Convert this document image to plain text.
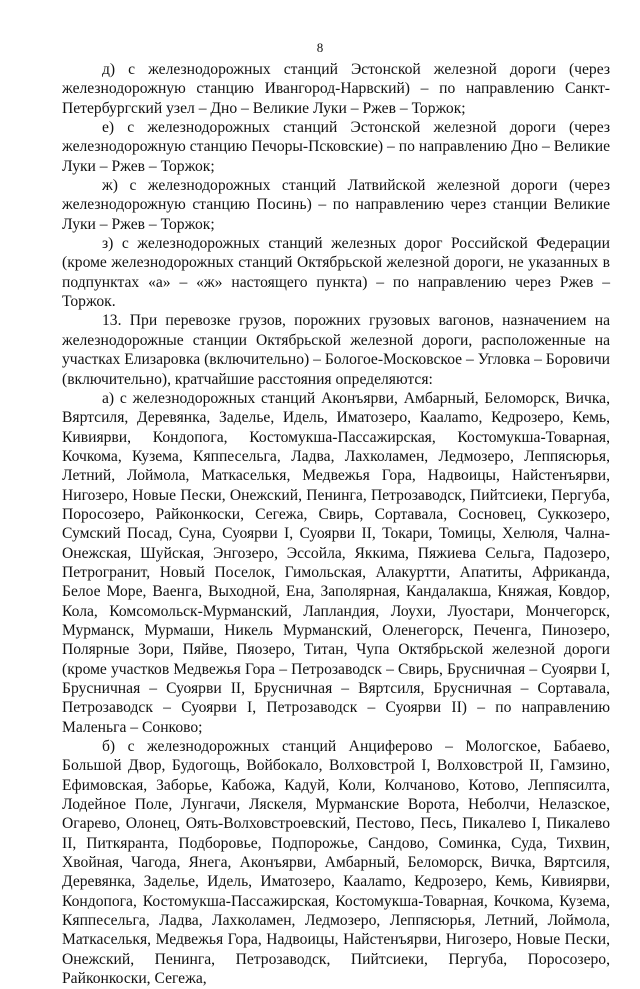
8

д) с железнодорожных станций Эстонской железной дороги (через железнодорожную станцию Ивангород-Нарвский) – по направлению Санкт-Петербургский узел – Дно – Великие Луки – Ржев – Торжок;

е) с железнодорожных станций Эстонской железной дороги (через железнодорожную станцию Печоры-Псковские) – по направлению Дно – Великие Луки – Ржев – Торжок;

ж) с железнодорожных станций Латвийской железной дороги (через железнодорожную станцию Посинь) – по направлению через станции Великие Луки – Ржев – Торжок;

з) с железнодорожных станций железных дорог Российской Федерации (кроме железнодорожных станций Октябрьской железной дороги, не указанных в подпунктах «а» – «ж» настоящего пункта) – по направлению через Ржев – Торжок.

13. При перевозке грузов, порожних грузовых вагонов, назначением на железнодорожные станции Октябрьской железной дороги, расположенные на участках Елизаровка (включительно) – Бологое-Московское – Угловка – Боровичи (включительно), кратчайшие расстояния определяются:

а) с железнодорожных станций Аконъярви, Амбарный, Беломорск, Вичка, Вяртсиля, Деревянка, Заделье, Идель, Иматозеро, Каалamo, Кедрозеро, Кемь, Кивиярви, Кондопога, Костомукша-Пассажирская, Костомукша-Товарная, Кочкома, Кузема, Кяппесельга, Ладва, Лахколамен, Ледмозеро, Леппясюрья, Летний, Лоймола, Маткаселькя, Медвежья Гора, Надвоицы, Найстенъярви, Нигозеро, Новые Пески, Онежский, Пенинга, Петрозаводск, Пийтсиеки, Пергуба, Поросозеро, Райконкоски, Сегежа, Свирь, Сортавала, Сосновец, Суккозеро, Сумский Посад, Суна, Суоярви I, Суоярви II, Токари, Томицы, Хелюля, Чална-Онежская, Шуйская, Энгозеро, Эссойла, Яккима, Пяжиева Сельга, Падозеро, Петрогранит, Новый Поселок, Гимольская, Алакуртти, Апатиты, Африканда, Белое Море, Ваенга, Выходной, Ена, Заполярная, Кандалакша, Княжая, Ковдор, Кола, Комсомольск-Мурманский, Лапландия, Лоухи, Луостари, Мончегорск, Мурманск, Мурмаши, Никель Мурманский, Оленегорск, Печенга, Пинозеро, Полярные Зори, Пяйве, Пяозеро, Титан, Чупа Октябрьской железной дороги (кроме участков Медвежья Гора – Петрозаводск – Свирь, Брусничная – Суоярви I, Брусничная – Суоярви II, Брусничная – Вяртсиля, Брусничная – Сортавала, Петрозаводск – Суоярви I, Петрозаводск – Суоярви II) – по направлению Маленьга – Сонково;

б) с железнодорожных станций Анциферово – Мологское, Бабаево, Большой Двор, Будогощь, Войбокало, Волховстрой I, Волховстрой II, Гамзино, Ефимовская, Заборье, Кабожа, Кадуй, Коли, Колчаново, Котово, Леппясилта, Лодейное Поле, Лунгачи, Ляскеля, Мурманские Ворота, Неболчи, Нелазское, Огарево, Олонец, Оять-Волховстроевский, Пестово, Песь, Пикалево I, Пикалево II, Питкяранта, Подборовье, Подпорожье, Сандово, Соминка, Суда, Тихвин, Хвойная, Чагода, Янега, Аконъярви, Амбарный, Беломорск, Вичка, Вяртсиля, Деревянка, Заделье, Идель, Иматозеро, Каалamo, Кедрозеро, Кемь, Кивиярви, Кондопога, Костомукша-Пассажирская, Костомукша-Товарная, Кочкома, Кузема, Кяппесельга, Ладва, Лахколамен, Ледмозеро, Леппясюрья, Летний, Лоймола, Маткаселькя, Медвежья Гора, Надвоицы, Найстенъярви, Нигозеро, Новые Пески, Онежский, Пенинга, Петрозаводск, Пийтсиеки, Пергуба, Поросозеро, Райконкоски, Сегежа,
